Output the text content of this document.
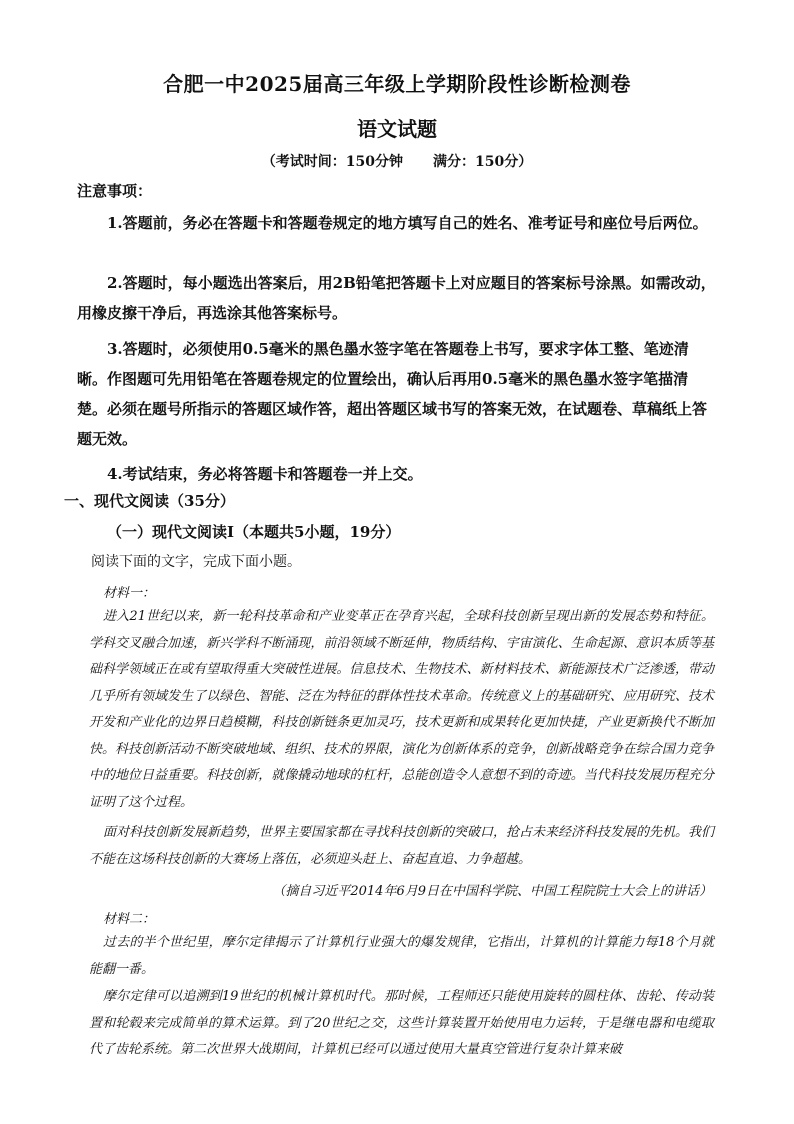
合肥一中2025届高三年级上学期阶段性诊断检测卷
语文试题
（考试时间：150分钟 满分：150分）
注意事项：
1.答题前，务必在答题卡和答题卷规定的地方填写自己的姓名、准考证号和座位号后两位。
2.答题时，每小题选出答案后，用2B铅笔把答题卡上对应题目的答案标号涂黑。如需改动，用橡皮擦干净后，再选涂其他答案标号。
3.答题时，必须使用0.5毫米的黑色墨水签字笔在答题卷上书写，要求字体工整、笔迹清晰。作图题可先用铅笔在答题卷规定的位置绘出，确认后再用0.5毫米的黑色墨水签字笔描清楚。必须在题号所指示的答题区域作答，超出答题区域书写的答案无效，在试题卷、草稿纸上答题无效。
4.考试结束，务必将答题卡和答题卷一并上交。
一、现代文阅读（35分）
（一）现代文阅读Ⅰ（本题共5小题，19分）
阅读下面的文字，完成下面小题。
材料一：
进入21世纪以来，新一轮科技革命和产业变革正在孕育兴起，全球科技创新呈现出新的发展态势和特征。学科交叉融合加速，新兴学科不断涌现，前沿领域不断延伸，物质结构、宇宙演化、生命起源、意识本质等基础科学领域正在或有望取得重大突破性进展。信息技术、生物技术、新材料技术、新能源技术广泛渗透，带动几乎所有领域发生了以绿色、智能、泛在为特征的群体性技术革命。传统意义上的基础研究、应用研究、技术开发和产业化的边界日趋模糊，科技创新链条更加灵巧，技术更新和成果转化更加快捷，产业更新换代不断加快。科技创新活动不断突破地域、组织、技术的界限，演化为创新体系的竞争，创新战略竞争在综合国力竞争中的地位日益重要。科技创新，就像撬动地球的杠杆，总能创造令人意想不到的奇迹。当代科技发展历程充分证明了这个过程。
面对科技创新发展新趋势，世界主要国家都在寻找科技创新的突破口，抢占未来经济科技发展的先机。我们不能在这场科技创新的大赛场上落伍，必须迎头赶上、奋起直追、力争超越。
（摘自习近平2014年6月9日在中国科学院、中国工程院院士大会上的讲话）
材料二：
过去的半个世纪里，摩尔定律揭示了计算机行业强大的爆发规律，它指出，计算机的计算能力每18个月就能翻一番。
摩尔定律可以追溯到19世纪的机械计算机时代。那时候，工程师还只能使用旋转的圆柱体、齿轮、传动装置和轮毂来完成简单的算术运算。到了20世纪之交，这些计算装置开始使用电力运转，于是继电器和电缆取代了齿轮系统。第二次世界大战期间，计算机已经可以通过使用大量真空管进行复杂计算来破
